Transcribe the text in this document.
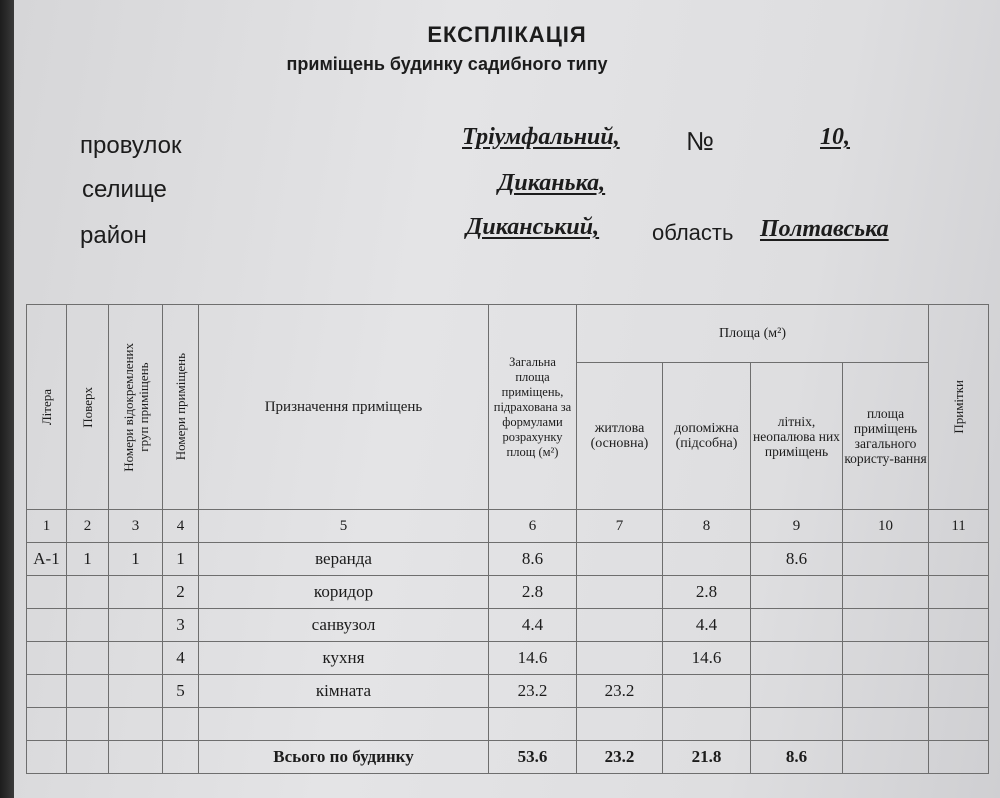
ЕКСПЛІКАЦІЯ
приміщень будинку садибного типу
провулок	Тріумфальний,	№	10,
селище	Диканька,
район	Диканський, область Полтавська
Літера	Поверх	Номери відокремлених
груп приміщень	Номери приміщень	Призначення приміщень	Загальна площа приміщень, підрахована за формулами розрахунку площ (м²)	Площа (м²)				Примітки

						житлова (основна)	допоміжна (підсобна)	літніх, неопалюва них приміщень	площа приміщень загального користу-вання	
1	2	3	4	5	6	7	8	9	10	11
А-1	1	1	1	веранда	8.6			8.6		
			2	коридор	2.8		2.8			
			3	санвузол	4.4		4.4			
			4	кухня	14.6		14.6			
			5	кімната	23.2	23.2				

				Всього по будинку	53.6	23.2	21.8	8.6		
